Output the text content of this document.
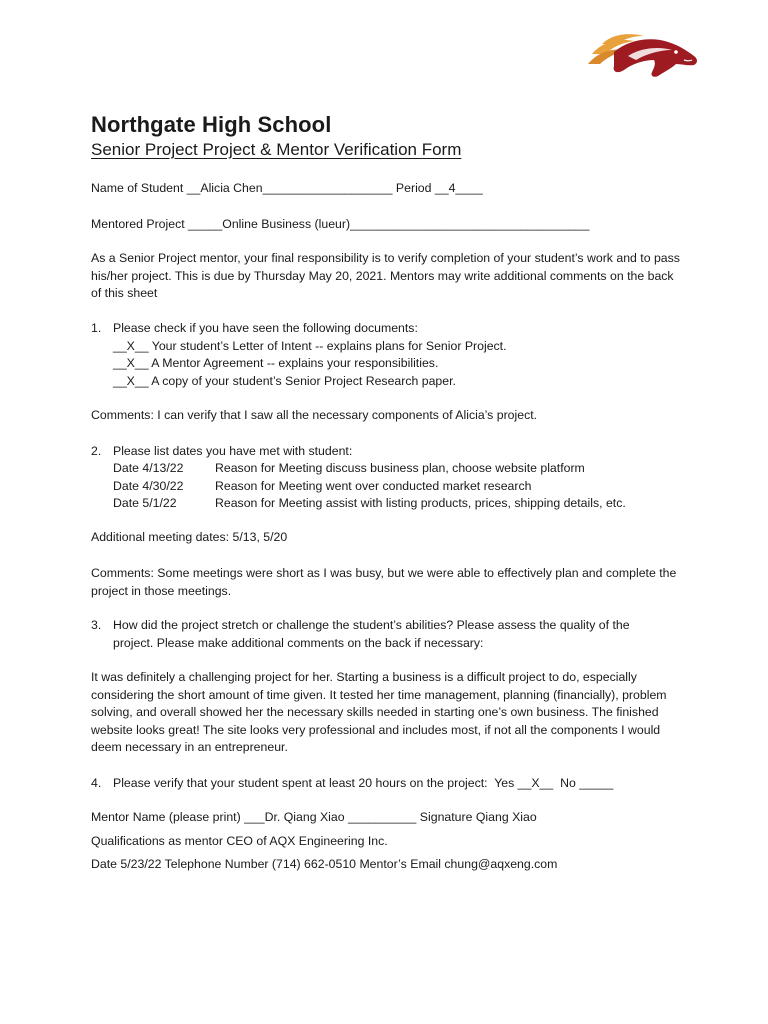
Northgate High School
Senior Project Project & Mentor Verification Form

Name of Student __Alicia Chen___________________ Period __4____

Mentored Project _____Online Business (lueur)___________________________________

As a Senior Project mentor, your final responsibility is to verify completion of your student’s work and to pass his/her project. This is due by Thursday May 20, 2021. Mentors may write additional comments on the back of this sheet

1. Please check if you have seen the following documents:
__X__ Your student’s Letter of Intent -- explains plans for Senior Project.
__X__ A Mentor Agreement -- explains your responsibilities.
__X__ A copy of your student’s Senior Project Research paper.

Comments: I can verify that I saw all the necessary components of Alicia’s project.

2. Please list dates you have met with student:
Date 4/13/22	Reason for Meeting discuss business plan, choose website platform
Date 4/30/22	Reason for Meeting went over conducted market research
Date 5/1/22	Reason for Meeting assist with listing products, prices, shipping details, etc.

Additional meeting dates: 5/13, 5/20

Comments: Some meetings were short as I was busy, but we were able to effectively plan and complete the project in those meetings.

3. How did the project stretch or challenge the student’s abilities? Please assess the quality of the project. Please make additional comments on the back if necessary:

It was definitely a challenging project for her. Starting a business is a difficult project to do, especially considering the short amount of time given. It tested her time management, planning (financially), problem solving, and overall showed her the necessary skills needed in starting one’s own business. The finished website looks great! The site looks very professional and includes most, if not all the components I would deem necessary in an entrepreneur.

4. Please verify that your student spent at least 20 hours on the project:  Yes __X__  No _____

Mentor Name (please print) ___Dr. Qiang Xiao __________ Signature Qiang Xiao

Qualifications as mentor CEO of AQX Engineering Inc.

Date 5/23/22 Telephone Number (714) 662-0510 Mentor’s Email chung@aqxeng.com
